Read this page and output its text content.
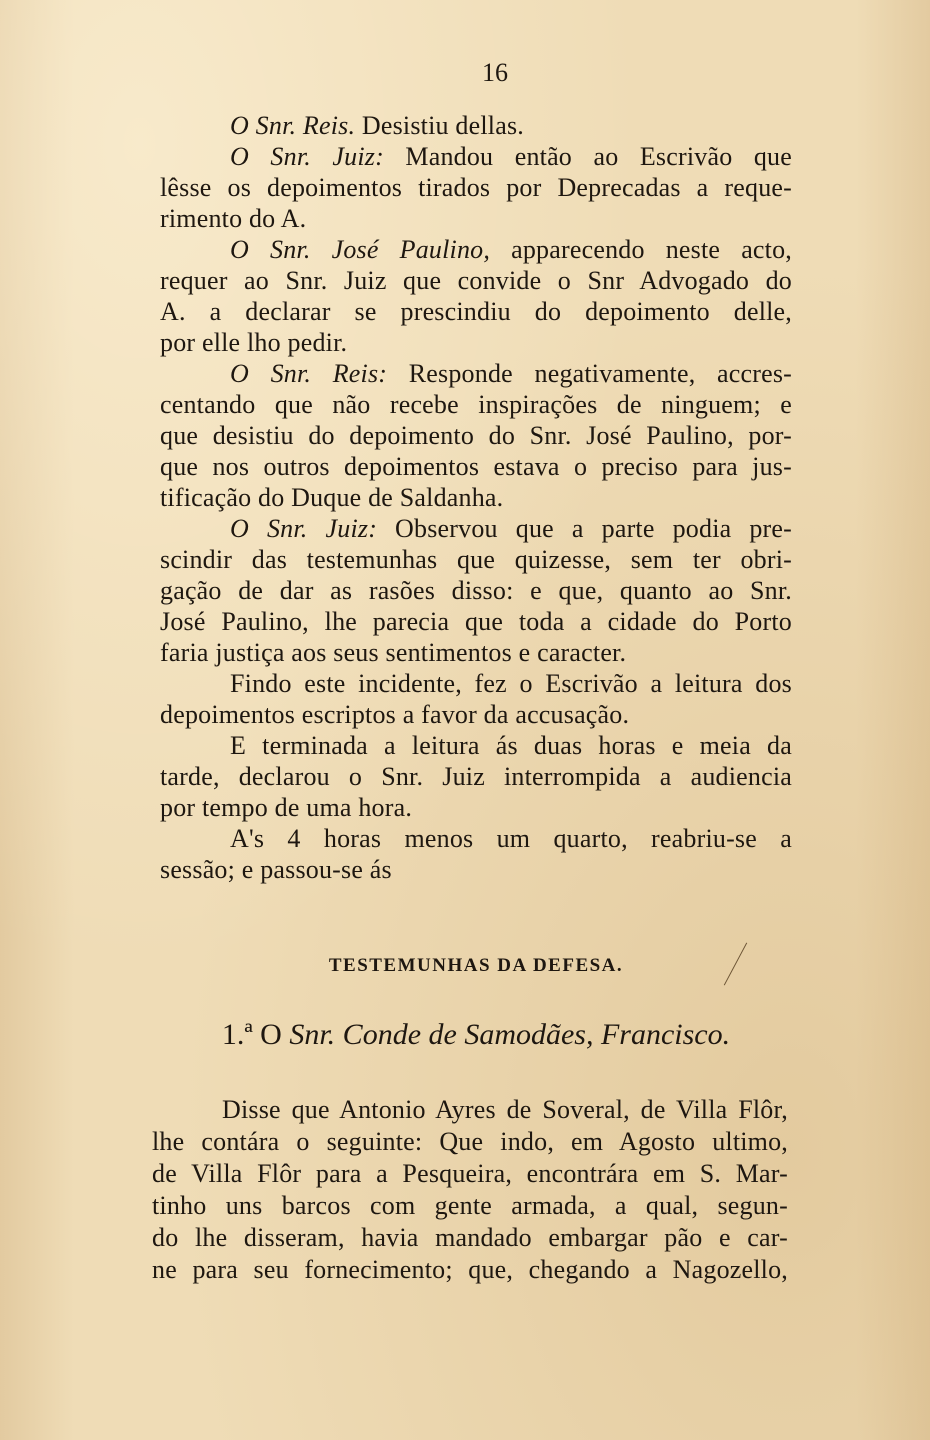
16
O Snr. Reis. Desistiu dellas.
O Snr. Juiz: Mandou então ao Escrivão que
lêsse os depoimentos tirados por Deprecadas a reque-
rimento do A.
O Snr. José Paulino, apparecendo neste acto,
requer ao Snr. Juiz que convide o Snr Advogado do
A. a declarar se prescindiu do depoimento delle,
por elle lho pedir.
O Snr. Reis: Responde negativamente, accres-
centando que não recebe inspirações de ninguem; e
que desistiu do depoimento do Snr. José Paulino, por-
que nos outros depoimentos estava o preciso para jus-
tificação do Duque de Saldanha.
O Snr. Juiz: Observou que a parte podia pre-
scindir das testemunhas que quizesse, sem ter obri-
gação de dar as rasões disso: e que, quanto ao Snr.
José Paulino, lhe parecia que toda a cidade do Porto
faria justiça aos seus sentimentos e caracter.
Findo este incidente, fez o Escrivão a leitura dos
depoimentos escriptos a favor da accusação.
E terminada a leitura ás duas horas e meia da
tarde, declarou o Snr. Juiz interrompida a audiencia
por tempo de uma hora.
A's 4 horas menos um quarto, reabriu-se a
sessão; e passou-se ás
TESTEMUNHAS DA DEFESA.
1.ª O Snr. Conde de Samodães, Francisco.
Disse que Antonio Ayres de Soveral, de Villa Flôr,
lhe contára o seguinte: Que indo, em Agosto ultimo,
de Villa Flôr para a Pesqueira, encontrára em S. Mar-
tinho uns barcos com gente armada, a qual, segun-
do lhe disseram, havia mandado embargar pão e car-
ne para seu fornecimento; que, chegando a Nagozello,
